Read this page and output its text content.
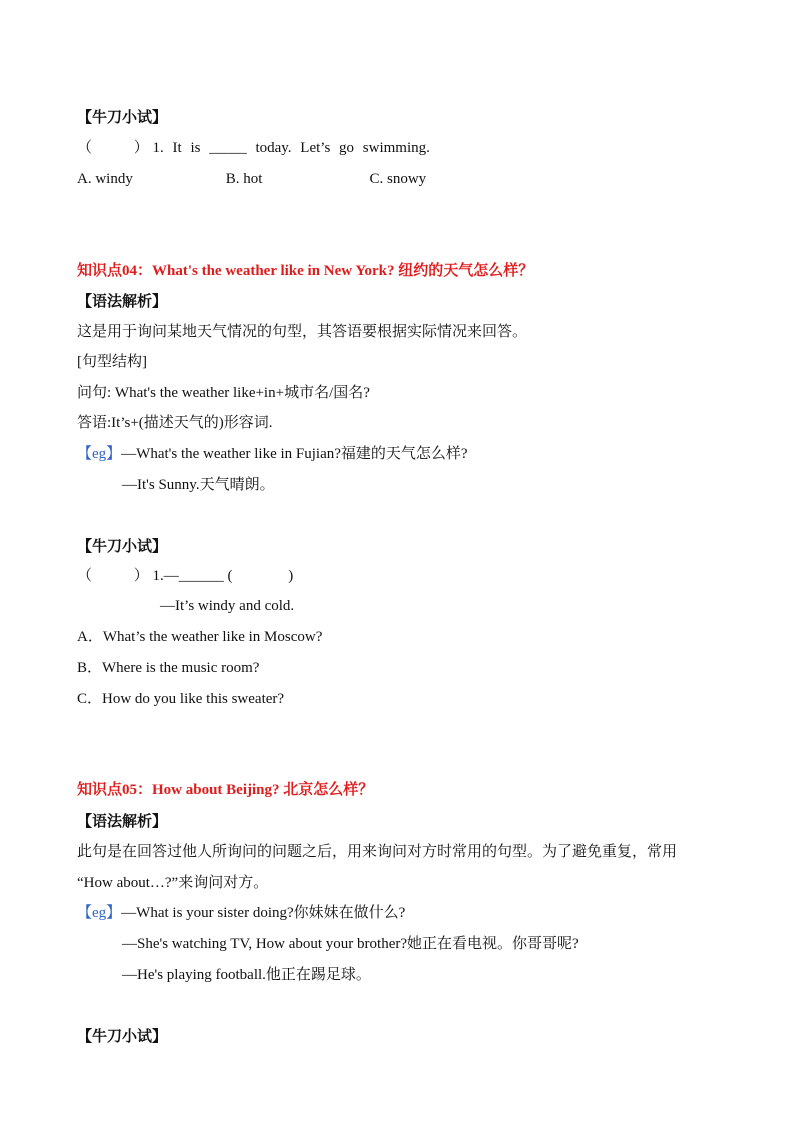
【牛刀小试】
（	） 1. It is _____ today. Let’s go swimming.
A. windy	B. hot	C. snowy
知识点04：What's the weather like in New York? 纽约的天气怎么样？
【语法解析】
这是用于询问某地天气情况的句型，其答语要根据实际情况来回答。
[句型结构]
问句: What's the weather like+in+城市名/国名?
答语:It’s+(描述天气的)形容词.
【eg】—What's the weather like in Fujian?福建的天气怎么样?
—It's Sunny.天气晴朗。
【牛刀小试】
（	） 1.—______ (	)
—It’s windy and cold.
A．What’s the weather like in Moscow?
B．Where is the music room?
C．How do you like this sweater?
知识点05：How about Beijing? 北京怎么样？
【语法解析】
此句是在回答过他人所询问的问题之后，用来询问对方时常用的句型。为了避免重复，常用
“How about…?”来询问对方。
【eg】—What is your sister doing?你妹妹在做什么?
—She's watching TV, How about your brother?她正在看电视。你哥哥呢?
—He's playing football.他正在踢足球。
【牛刀小试】
